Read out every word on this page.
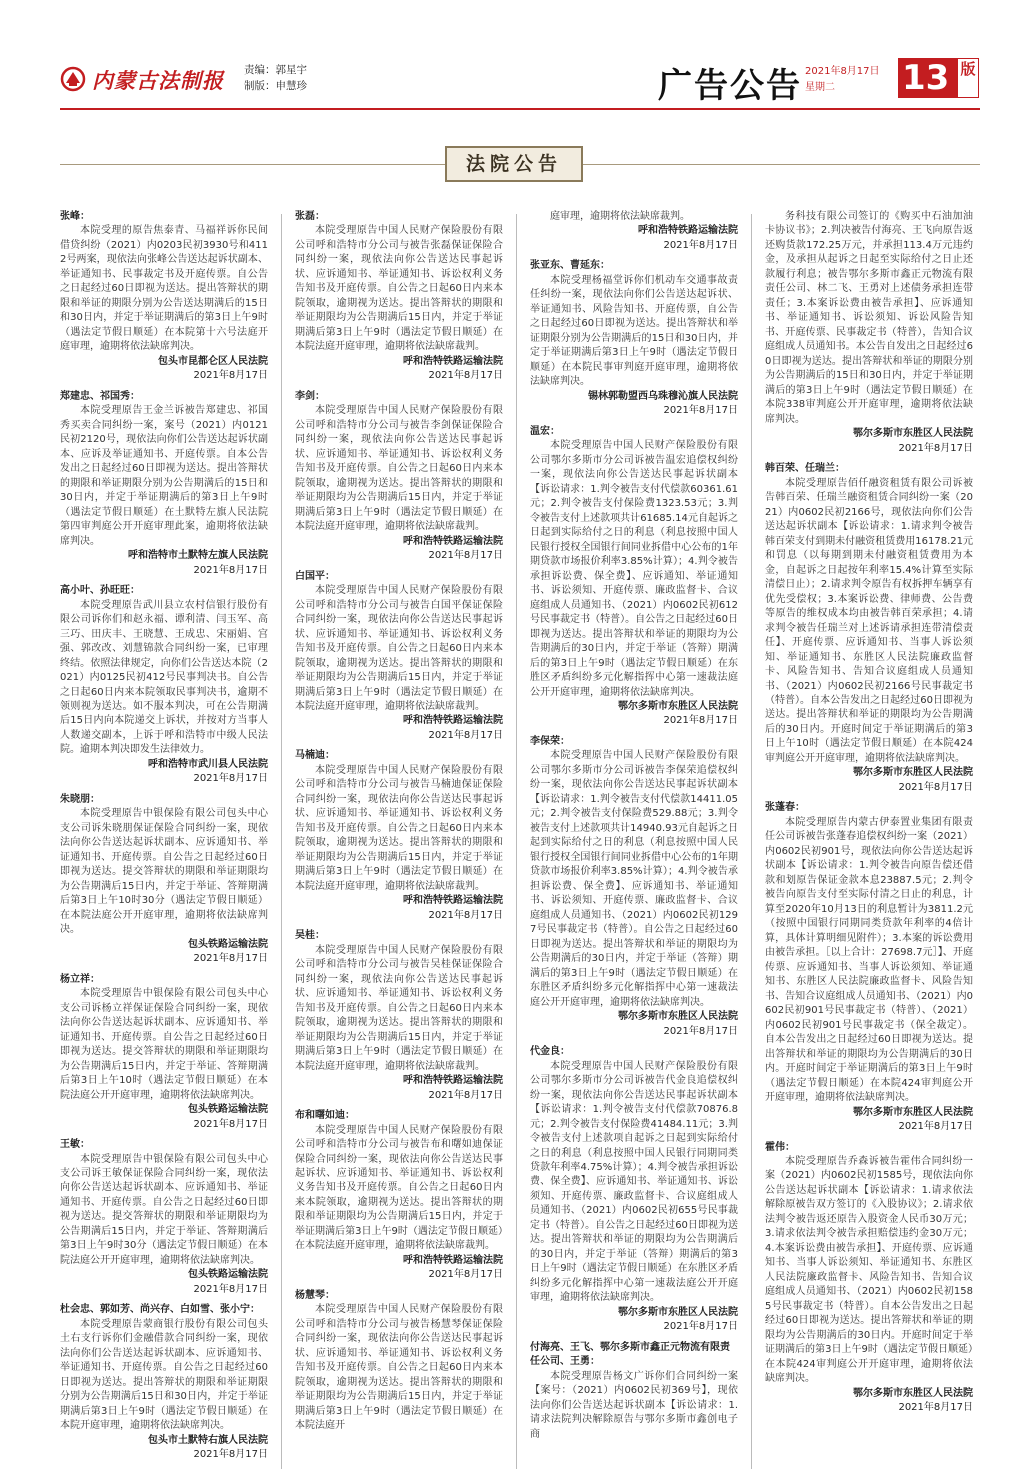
内蒙古法制报 责编：郭星宇
制版：申慧珍	广告公告 2021年8月17日
星期二	13 版
法院公告
张峰：
本院受理的原告焦泰青、马福祥诉你民间借贷纠纷（2021）内0203民初3930号和4112号两案，现依法向张峰公告送达起诉状副本、举证通知书、民事裁定书及开庭传票。自公告之日起经过60日即视为送达。提出答辩状的期限和举证的期限分别为公告送达期满后的15日和30日内，并定于举证期满后的第3日上午9时（遇法定节假日顺延）在本院第十六号法庭开庭审理，逾期将依法缺席判决。
包头市昆都仑区人民法院
2021年8月17日
郑建忠、祁国秀：
本院受理原告王金兰诉被告郑建忠、祁国秀买卖合同纠纷一案，案号（2021）内0121民初2120号，现依法向你们公告送达起诉状副本、应诉及举证通知书、开庭传票。自本公告发出之日起经过60日即视为送达。提出答辩状的期限和举证期限分别为公告期满后的15日和30日内，并定于举证期满后的第3日上午9时（遇法定节假日顺延）在土默特左旗人民法院第四审判庭公开开庭审理此案，逾期将依法缺席判决。
呼和浩特市土默特左旗人民法院
2021年8月17日
高小叶、孙旺旺：
本院受理原告武川县立农村信银行股份有限公司诉你们和赵永福、谭利清、闫玉军、高三巧、田庆丰、王晓慧、王成忠、宋丽娟、宫强、郭改改、刘慧锦款合同纠纷一案，已审理终结。依照法律规定，向你们公告送达本院（2021）内0125民初412号民事判决书。自公告之日起60日内来本院领取民事判决书，逾期不领则视为送达。如不服本判决，可在公告期满后15日内向本院递交上诉状，并按对方当事人人数递交副本，上诉于呼和浩特市中级人民法院。逾期本判决即发生法律效力。
呼和浩特市武川县人民法院
2021年8月17日
朱晓朋：
本院受理原告中银保险有限公司包头中心支公司诉朱晓朋保证保险合同纠纷一案，现依法向你公告送达起诉状副本、应诉通知书、举证通知书、开庭传票。自公告之日起经过60日即视为送达。提交答辩状的期限和举证期限均为公告期满后15日内，并定于举证、答辩期满后第3日上午10时30分（遇法定节假日顺延）在本院法庭公开开庭审理，逾期将依法缺席判决。
包头铁路运输法院
2021年8月17日
杨立祥：
本院受理原告中银保险有限公司包头中心支公司诉杨立祥保证保险合同纠纷一案，现依法向你公告送达起诉状副本、应诉通知书、举证通知书、开庭传票。自公告之日起经过60日即视为送达。提交答辩状的期限和举证期限均为公告期满后15日内，并定于举证、答辩期满后第3日上午10时（遇法定节假日顺延）在本院法庭公开开庭审理，逾期将依法缺席判决。
包头铁路运输法院
2021年8月17日
王敏：
本院受理原告中银保险有限公司包头中心支公司诉王敏保证保险合同纠纷一案，现依法向你公告送达起诉状副本、应诉通知书、举证通知书、开庭传票。自公告之日起经过60日即视为送达。提交答辩状的期限和举证期限均为公告期满后15日内，并定于举证、答辩期满后第3日上午9时30分（遇法定节假日顺延）在本院法庭公开开庭审理，逾期将依法缺席判决。
包头铁路运输法院
2021年8月17日
杜会忠、郭如芳、尚兴存、白如雪、张小宁：
本院受理原告蒙商银行股份有限公司包头土右支行诉你们金融借款合同纠纷一案，现依法向你们公告送达起诉状副本、应诉通知书、举证通知书、开庭传票。自公告之日起经过60日即视为送达。提出答辩状的期限和举证期限分别为公告期满后15日和30日内，并定于举证期满后第3日上午9时（遇法定节假日顺延）在本院开庭审理，逾期将依法缺席判决。
包头市土默特右旗人民法院
2021年8月17日
张磊：
本院受理原告中国人民财产保险股份有限公司呼和浩特市分公司与被告张磊保证保险合同纠纷一案，现依法向你公告送达民事起诉状、应诉通知书、举证通知书、诉讼权利义务告知书及开庭传票。自公告之日起60日内来本院领取，逾期视为送达。提出答辩状的期限和举证期限均为公告期满后15日内，并定于举证期满后第3日上午9时（遇法定节假日顺延）在本院法庭开庭审理，逾期将依法缺席裁判。
呼和浩特铁路运输法院
2021年8月17日
李剑：
本院受理原告中国人民财产保险股份有限公司呼和浩特市分公司与被告李剑保证保险合同纠纷一案，现依法向你公告送达民事起诉状、应诉通知书、举证通知书、诉讼权利义务告知书及开庭传票。自公告之日起60日内来本院领取，逾期视为送达。提出答辩状的期限和举证期限均为公告期满后15日内，并定于举证期满后第3日上午9时（遇法定节假日顺延）在本院法庭开庭审理，逾期将依法缺席裁判。
呼和浩特铁路运输法院
2021年8月17日
白国平：
本院受理原告中国人民财产保险股份有限公司呼和浩特市分公司与被告白国平保证保险合同纠纷一案，现依法向你公告送达民事起诉状、应诉通知书、举证通知书、诉讼权利义务告知书及开庭传票。自公告之日起60日内来本院领取，逾期视为送达。提出答辩状的期限和举证期限均为公告期满后15日内，并定于举证期满后第3日上午9时（遇法定节假日顺延）在本院法庭开庭审理，逾期将依法缺席裁判。
呼和浩特铁路运输法院
2021年8月17日
马楠迪：
本院受理原告中国人民财产保险股份有限公司呼和浩特市分公司与被告马楠迪保证保险合同纠纷一案，现依法向你公告送达民事起诉状、应诉通知书、举证通知书、诉讼权利义务告知书及开庭传票。自公告之日起60日内来本院领取，逾期视为送达。提出答辩状的期限和举证期限均为公告期满后15日内，并定于举证期满后第3日上午9时（遇法定节假日顺延）在本院法庭开庭审理，逾期将依法缺席裁判。
呼和浩特铁路运输法院
2021年8月17日
吴桂：
本院受理原告中国人民财产保险股份有限公司呼和浩特市分公司与被告吴桂保证保险合同纠纷一案，现依法向你公告送达民事起诉状、应诉通知书、举证通知书、诉讼权利义务告知书及开庭传票。自公告之日起60日内来本院领取，逾期视为送达。提出答辩状的期限和举证期限均为公告期满后15日内，并定于举证期满后第3日上午9时（遇法定节假日顺延）在本院法庭开庭审理，逾期将依法缺席裁判。
呼和浩特铁路运输法院
2021年8月17日
布和曙如迪：
本院受理原告中国人民财产保险股份有限公司呼和浩特市分公司与被告布和曙如迪保证保险合同纠纷一案，现依法向你公告送达民事起诉状、应诉通知书、举证通知书、诉讼权利义务告知书及开庭传票。自公告之日起60日内来本院领取，逾期视为送达。提出答辩状的期限和举证期限均为公告期满后15日内，并定于举证期满后第3日上午9时（遇法定节假日顺延）在本院法庭开庭审理，逾期将依法缺席裁判。
呼和浩特铁路运输法院
2021年8月17日
杨慧琴：
本院受理原告中国人民财产保险股份有限公司呼和浩特市分公司与被告杨慧琴保证保险合同纠纷一案，现依法向你公告送达民事起诉状、应诉通知书、举证通知书、诉讼权利义务告知书及开庭传票。自公告之日起60日内来本院领取，逾期视为送达。提出答辩状的期限和举证期限均为公告期满后15日内，并定于举证期满后第3日上午9时（遇法定节假日顺延）在本院法庭开
庭审理，逾期将依法缺席裁判。
呼和浩特铁路运输法院
2021年8月17日
张亚东、曹延东：
本院受理杨福堂诉你们机动车交通事故责任纠纷一案，现依法向你们公告送达起诉状、举证通知书、风险告知书、开庭传票，自公告之日起经过60日即视为送达。提出答辩状和举证期限分别为公告期满后的15日和30日内，并定于举证期满后第3日上午9时（遇法定节假日顺延）在本院民事审判庭开庭审理，逾期将依法缺席判决。
锡林郭勒盟西乌珠穆沁旗人民法院
2021年8月17日
温宏：
本院受理原告中国人民财产保险股份有限公司鄂尔多斯市分公司诉被告温宏追偿权纠纷一案，现依法向你公告送达民事起诉状副本【诉讼请求：1.判令被告支付代偿款60361.61元；2.判令被告支付保险费1323.53元；3.判令被告支付上述款项共计61685.14元自起诉之日起到实际给付之日的利息（利息按照中国人民银行授权全国银行间同业拆借中心公布的1年期贷款市场报价利率3.85%计算）；4.判令被告承担诉讼费、保全费】、应诉通知、举证通知书、诉讼须知、开庭传票、廉政监督卡、合议庭组成人员通知书、（2021）内0602民初612号民事裁定书（特普）。自公告之日起经过60日即视为送达。提出答辩状和举证的期限均为公告期满后的30日内，并定于举证（答辩）期满后的第3日上午9时（遇法定节假日顺延）在东胜区矛盾纠纷多元化解指挥中心第一速裁法庭公开开庭审理，逾期将依法缺席判决。
鄂尔多斯市东胜区人民法院
2021年8月17日
李保荣：
本院受理原告中国人民财产保险股份有限公司鄂尔多斯市分公司诉被告李保荣追偿权纠纷一案，现依法向你公告送达民事起诉状副本【诉讼请求：1.判令被告支付代偿款14411.05元；2.判令被告支付保险费529.88元；3.判令被告支付上述款项共计14940.93元自起诉之日起到实际给付之日的利息（利息按照中国人民银行授权全国银行间同业拆借中心公布的1年期贷款市场报价利率3.85%计算）；4.判令被告承担诉讼费、保全费】、应诉通知书、举证通知书、诉讼须知、开庭传票、廉政监督卡、合议庭组成人员通知书、（2021）内0602民初1297号民事裁定书（特普）。自公告之日起经过60日即视为送达。提出答辩状和举证的期限均为公告期满后的30日内，并定于举证（答辩）期满后的第3日上午9时（遇法定节假日顺延）在东胜区矛盾纠纷多元化解指挥中心第一速裁法庭公开开庭审理，逾期将依法缺席判决。
鄂尔多斯市东胜区人民法院
2021年8月17日
代金良：
本院受理原告中国人民财产保险股份有限公司鄂尔多斯市分公司诉被告代金良追偿权纠纷一案，现依法向你公告送达民事起诉状副本【诉讼请求：1.判令被告支付代偿款70876.8元；2.判令被告支付保险费41484.11元；3.判令被告支付上述款项自起诉之日起到实际给付之日的利息（利息按照中国人民银行同期同类贷款年利率4.75%计算）；4.判令被告承担诉讼费、保全费】、应诉通知书、举证通知书、诉讼须知、开庭传票、廉政监督卡、合议庭组成人员通知书、（2021）内0602民初655号民事裁定书（特普）。自公告之日起经过60日即视为送达。提出答辩状和举证的期限均为公告期满后的30日内，并定于举证（答辩）期满后的第3日上午9时（遇法定节假日顺延）在东胜区矛盾纠纷多元化解指挥中心第一速裁法庭公开开庭审理，逾期将依法缺席判决。
鄂尔多斯市东胜区人民法院
2021年8月17日
付海亮、王飞、鄂尔多斯市鑫正元物流有限责任公司、王勇：
本院受理原告杨文广诉你们合同纠纷一案【案号：（2021）内0602民初369号】，现依法向你们公告送达起诉状副本【诉讼请求：1.请求法院判决解除原告与鄂尔多斯市鑫创电子商
务科技有限公司签订的《购买中石油加油卡协议书》；2.判决被告付海亮、王飞向原告返还购货款172.25万元，并承担113.4万元违约金，及承担从起诉之日起至实际给付之日止还款履行利息；被告鄂尔多斯市鑫正元物流有限责任公司、林二飞、王勇对上述债务承担连带责任；3.本案诉讼费由被告承担】、应诉通知书、举证通知书、诉讼须知、诉讼风险告知书、开庭传票、民事裁定书（特普），告知合议庭组成人员通知书。本公告自发出之日起经过60日即视为送达。提出答辩状和举证的期限分别为公告期满后的15日和30日内，并定于举证期满后的第3日上午9时（遇法定节假日顺延）在本院338审判庭公开开庭审理，逾期将依法缺席判决。
鄂尔多斯市东胜区人民法院
2021年8月17日
韩百荣、任瑞兰：
本院受理原告佰仟融资租赁有限公司诉被告韩百荣、任瑞兰融资租赁合同纠纷一案（2021）内0602民初2166号，现依法向你们公告送达起诉状副本【诉讼请求：1.请求判令被告韩百荣支付到期未付融资租赁费用16178.21元和罚息（以每期到期未付融资租赁费用为本金，自起诉之日起按年利率15.4%计算至实际清偿日止）；2.请求判令原告有权拆押车辆享有优先受偿权；3.本案诉讼费、律师费、公告费等原告的维权成本均由被告韩百荣承担；4.请求判令被告任瑞兰对上述诉请承担连带清偿责任】、开庭传票、应诉通知书、当事人诉讼须知、举证通知书、东胜区人民法院廉政监督卡、风险告知书、告知合议庭组成人员通知书、（2021）内0602民初2166号民事裁定书（特普）。自本公告发出之日起经过60日即视为送达。提出答辩状和举证的期限均为公告期满后的30日内。开庭时间定于举证期满后的第3日上午10时（遇法定节假日顺延）在本院424审判庭公开开庭审理，逾期将依法缺席判决。
鄂尔多斯市东胜区人民法院
2021年8月17日
张蓬春：
本院受理原告内蒙古伊泰置业集团有限责任公司诉被告张蓬春追偿权纠纷一案（2021）内0602民初901号，现依法向你公告送达起诉状副本【诉讼请求：1.判令被告向原告偿还借款和划原告保证金款本息23887.5元；2.判令被告向原告支付至实际付清之日止的利息，计算至2020年10月13日的利息暂计为3811.2元（按照中国银行同期同类贷款年利率的4倍计算，具体计算明细见附件）；3.本案的诉讼费用由被告承担。［以上合计：27698.7元］】、开庭传票、应诉通知书、当事人诉讼须知、举证通知书、东胜区人民法院廉政监督卡、风险告知书、告知合议庭组成人员通知书、（2021）内0602民初901号民事裁定书（特普）、（2021）内0602民初901号民事裁定书（保全裁定）。自本公告发出之日起经过60日即视为送达。提出答辩状和举证的期限均为公告期满后的30日内。开庭时间定于举证期满后的第3日上午9时（遇法定节假日顺延）在本院424审判庭公开开庭审理，逾期将依法缺席判决。
鄂尔多斯市东胜区人民法院
2021年8月17日
霍伟：
本院受理原告乔森诉被告霍伟合同纠纷一案（2021）内0602民初1585号，现依法向你公告送达起诉状副本【诉讼请求：1.请求依法解除原被告双方签订的《入股协议》；2.请求依法判令被告返还原告入股资金人民币30万元；3.请求依法判令被告承担赔偿违约金30万元；4.本案诉讼费由被告承担】、开庭传票、应诉通知书、当事人诉讼须知、举证通知书、东胜区人民法院廉政监督卡、风险告知书、告知合议庭组成人员通知书、（2021）内0602民初1585号民事裁定书（特普）。自本公告发出之日起经过60日即视为送达。提出答辩状和举证的期限均为公告期满后的30日内。开庭时间定于举证期满后的第3日上午9时（遇法定节假日顺延）在本院424审判庭公开开庭审理，逾期将依法缺席判决。
鄂尔多斯市东胜区人民法院
2021年8月17日
